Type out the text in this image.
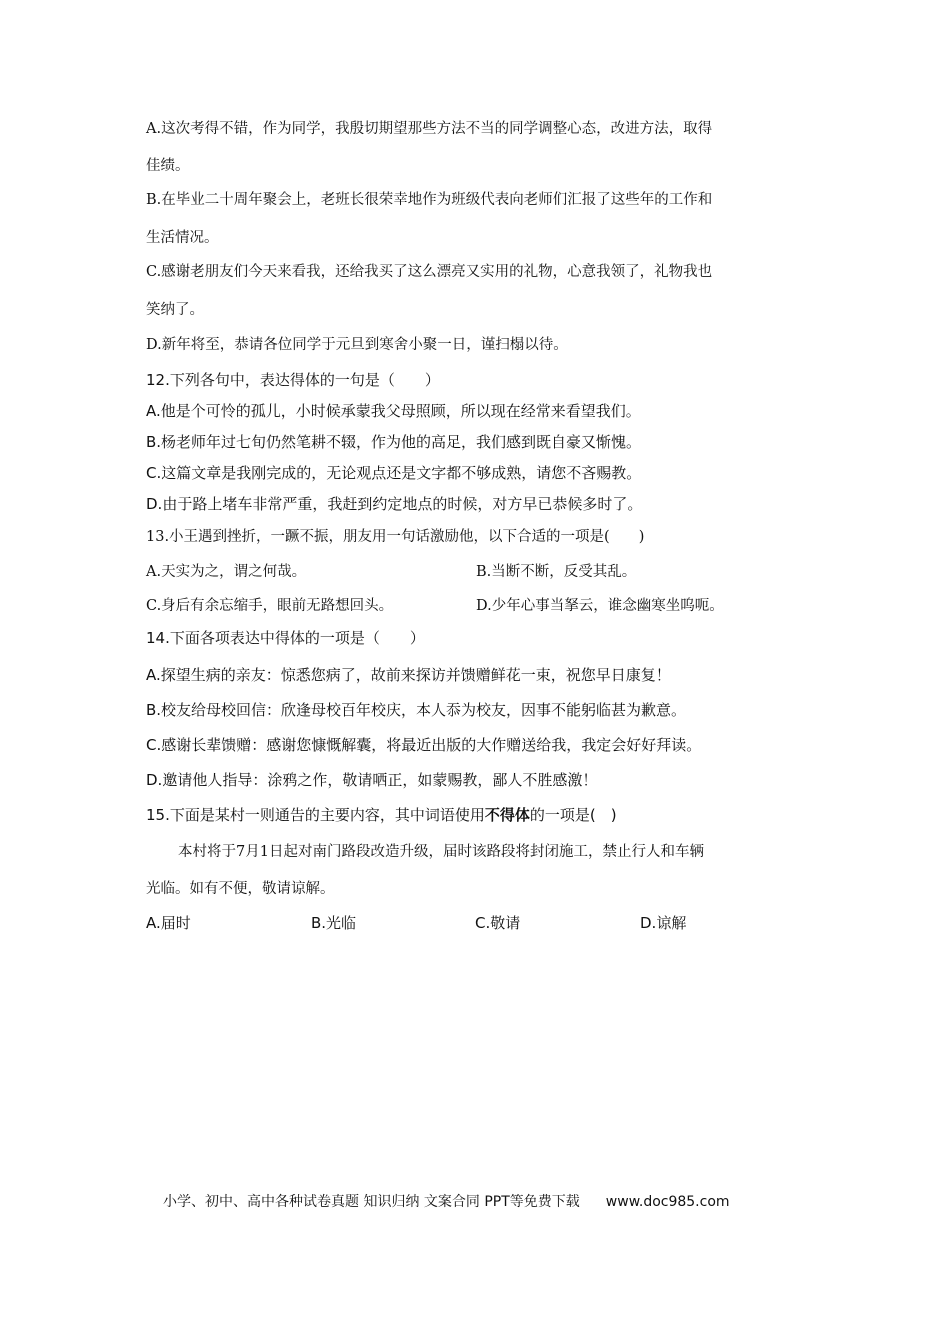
A.这次考得不错，作为同学，我殷切期望那些方法不当的同学调整心态，改进方法，取得
佳绩。
B.在毕业二十周年聚会上，老班长很荣幸地作为班级代表向老师们汇报了这些年的工作和
生活情况。
C.感谢老朋友们今天来看我，还给我买了这么漂亮又实用的礼物，心意我领了，礼物我也
笑纳了。
D.新年将至，恭请各位同学于元旦到寒舍小聚一日，谨扫榻以待。
12.下列各句中，表达得体的一句是（　　）
A.他是个可怜的孤儿，小时候承蒙我父母照顾，所以现在经常来看望我们。
B.杨老师年过七旬仍然笔耕不辍，作为他的高足，我们感到既自豪又惭愧。
C.这篇文章是我刚完成的，无论观点还是文字都不够成熟，请您不吝赐教。
D.由于路上堵车非常严重，我赶到约定地点的时候，对方早已恭候多时了。
13.小王遇到挫折，一蹶不振，朋友用一句话激励他，以下合适的一项是(　　)
A.天实为之，谓之何哉。	B.当断不断，反受其乱。
C.身后有余忘缩手，眼前无路想回头。	D.少年心事当拏云，谁念幽寒坐呜呃。
14.下面各项表达中得体的一项是（　　）
A.探望生病的亲友：惊悉您病了，故前来探访并馈赠鲜花一束，祝您早日康复！
B.校友给母校回信：欣逢母校百年校庆，本人忝为校友，因事不能躬临甚为歉意。
C.感谢长辈馈赠：感谢您慷慨解囊，将最近出版的大作赠送给我，我定会好好拜读。
D.邀请他人指导：涂鸦之作，敬请哂正，如蒙赐教，鄙人不胜感激！
15.下面是某村一则通告的主要内容，其中词语使用不得体的一项是(　)
本村将于7月1日起对南门路段改造升级，届时该路段将封闭施工，禁止行人和车辆
光临。如有不便，敬请谅解。
A.届时	B.光临	C.敬请	D.谅解
小学、初中、高中各种试卷真题 知识归纳 文案合同 PPT等免费下载 www.doc985.com
